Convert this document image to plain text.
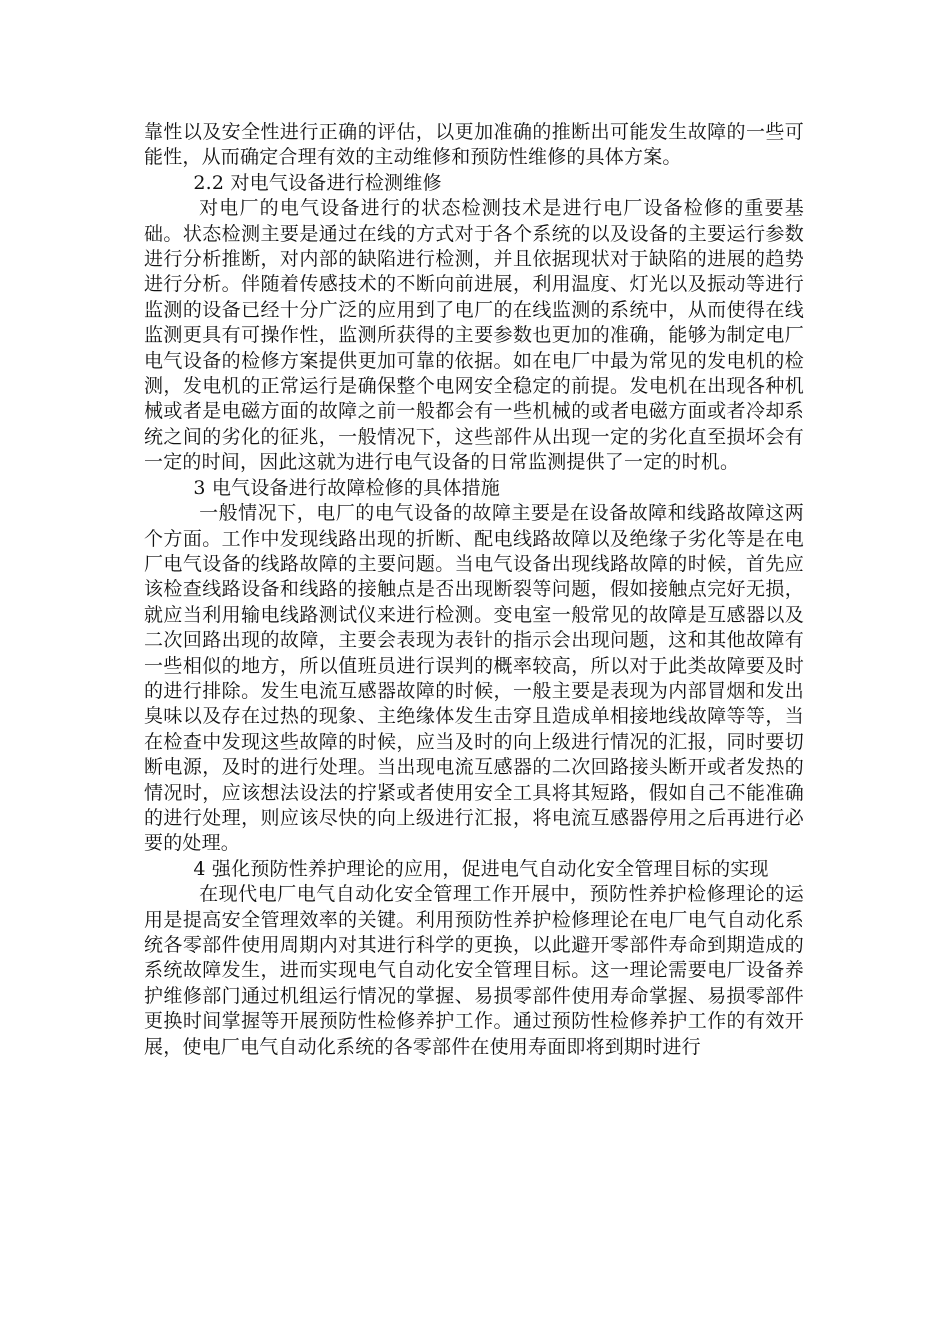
靠性以及安全性进行正确的评估，以更加准确的推断出可能发生故障的一些可能性，从而确定合理有效的主动维修和预防性维修的具体方案。

2.2 对电气设备进行检测维修

对电厂的电气设备进行的状态检测技术是进行电厂设备检修的重要基础。状态检测主要是通过在线的方式对于各个系统的以及设备的主要运行参数进行分析推断，对内部的缺陷进行检测，并且依据现状对于缺陷的进展的趋势进行分析。伴随着传感技术的不断向前进展，利用温度、灯光以及振动等进行监测的设备已经十分广泛的应用到了电厂的在线监测的系统中，从而使得在线监测更具有可操作性，监测所获得的主要参数也更加的准确，能够为制定电厂电气设备的检修方案提供更加可靠的依据。如在电厂中最为常见的发电机的检测，发电机的正常运行是确保整个电网安全稳定的前提。发电机在出现各种机械或者是电磁方面的故障之前一般都会有一些机械的或者电磁方面或者冷却系统之间的劣化的征兆，一般情况下，这些部件从出现一定的劣化直至损坏会有一定的时间，因此这就为进行电气设备的日常监测提供了一定的时机。

3 电气设备进行故障检修的具体措施

一般情况下，电厂的电气设备的故障主要是在设备故障和线路故障这两个方面。工作中发现线路出现的折断、配电线路故障以及绝缘子劣化等是在电厂电气设备的线路故障的主要问题。当电气设备出现线路故障的时候，首先应该检查线路设备和线路的接触点是否出现断裂等问题，假如接触点完好无损，就应当利用输电线路测试仪来进行检测。变电室一般常见的故障是互感器以及二次回路出现的故障，主要会表现为表针的指示会出现问题，这和其他故障有一些相似的地方，所以值班员进行误判的概率较高，所以对于此类故障要及时的进行排除。发生电流互感器故障的时候，一般主要是表现为内部冒烟和发出臭味以及存在过热的现象、主绝缘体发生击穿且造成单相接地线故障等等，当在检查中发现这些故障的时候，应当及时的向上级进行情况的汇报，同时要切断电源，及时的进行处理。当出现电流互感器的二次回路接头断开或者发热的情况时，应该想法设法的拧紧或者使用安全工具将其短路，假如自己不能准确的进行处理，则应该尽快的向上级进行汇报，将电流互感器停用之后再进行必要的处理。

4 强化预防性养护理论的应用，促进电气自动化安全管理目标的实现

在现代电厂电气自动化安全管理工作开展中，预防性养护检修理论的运用是提高安全管理效率的关键。利用预防性养护检修理论在电厂电气自动化系统各零部件使用周期内对其进行科学的更换，以此避开零部件寿命到期造成的系统故障发生，进而实现电气自动化安全管理目标。这一理论需要电厂设备养护维修部门通过机组运行情况的掌握、易损零部件使用寿命掌握、易损零部件更换时间掌握等开展预防性检修养护工作。通过预防性检修养护工作的有效开展，使电厂电气自动化系统的各零部件在使用寿面即将到期时进行
